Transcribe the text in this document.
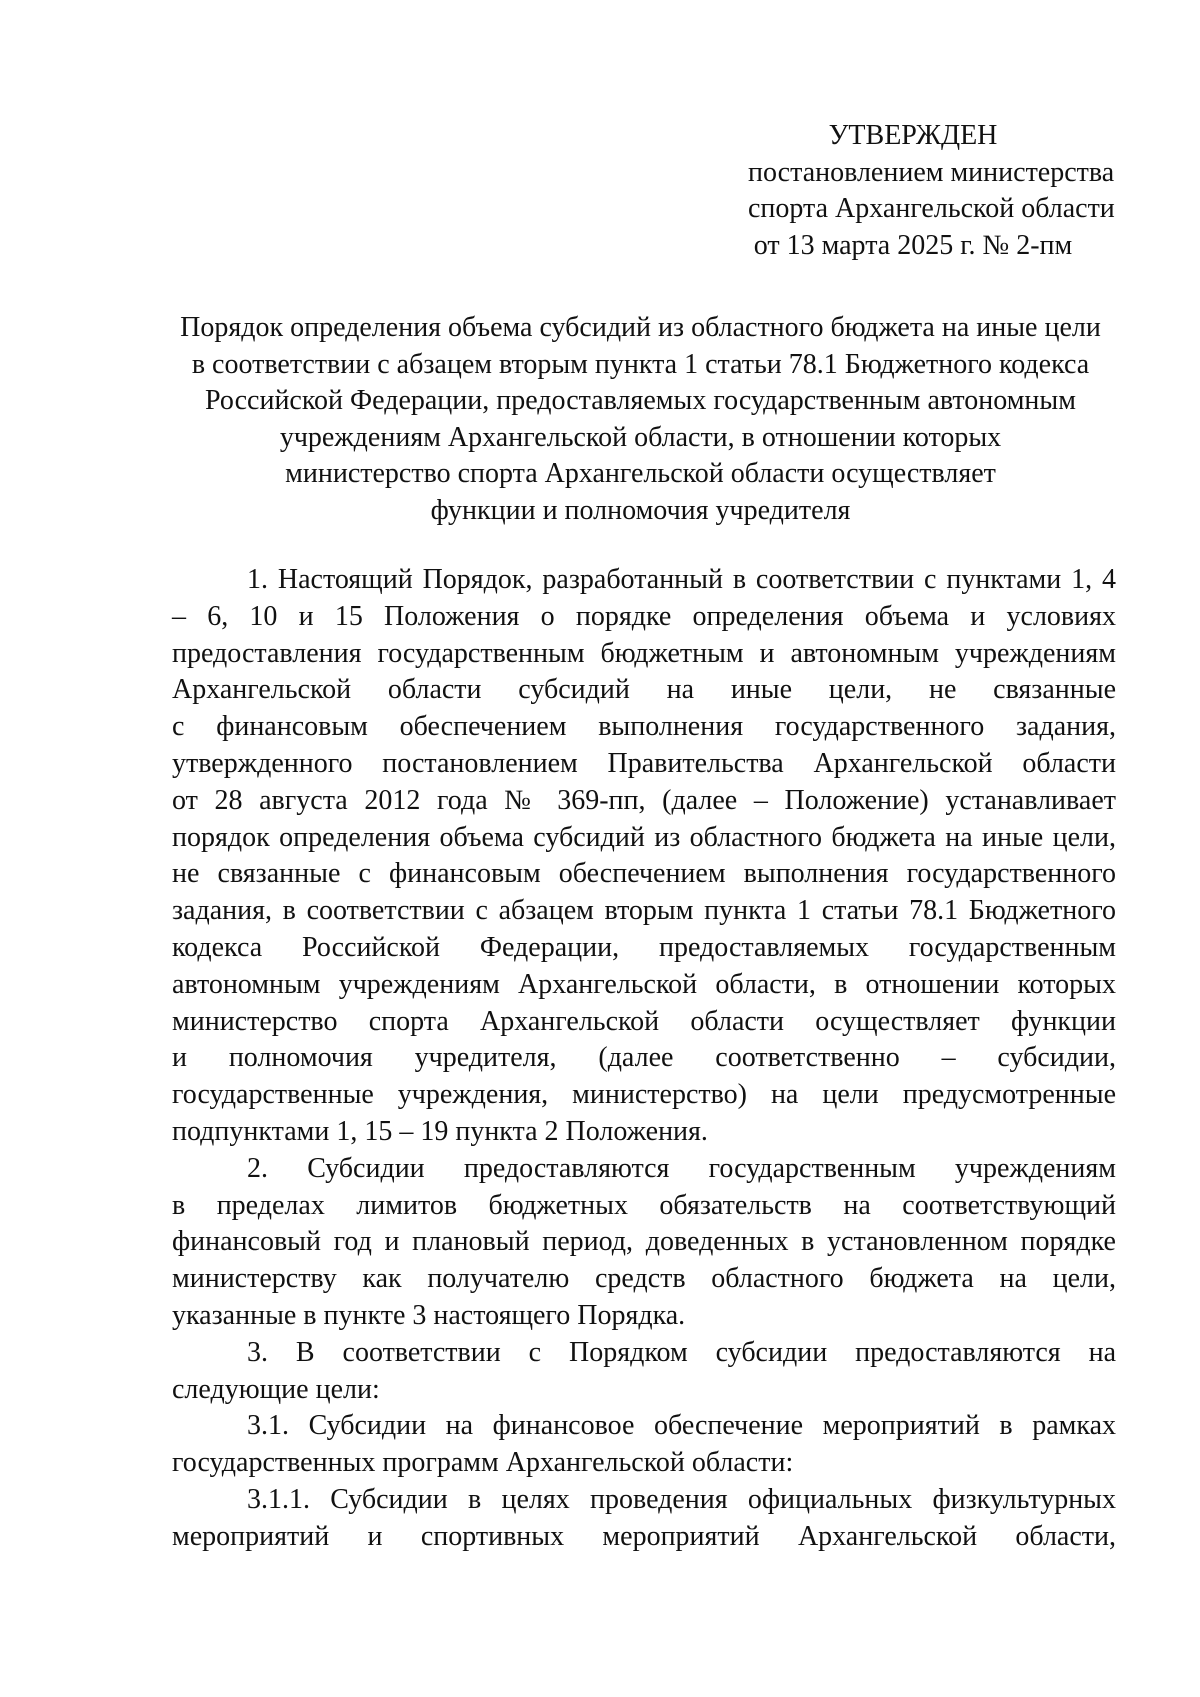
УТВЕРЖДЕН
постановлением министерства
спорта Архангельской области
от 13 марта 2025 г. № 2-пм
Порядок определения объема субсидий из областного бюджета на иные цели
в соответствии с абзацем вторым пункта 1 статьи 78.1 Бюджетного кодекса
Российской Федерации, предоставляемых государственным автономным
учреждениям Архангельской области, в отношении которых
министерство спорта Архангельской области осуществляет
функции и полномочия учредителя
1. Настоящий Порядок, разработанный в соответствии с пунктами 1, 4
– 6, 10 и 15 Положения о порядке определения объема и условиях
предоставления государственным бюджетным и автономным учреждениям
Архангельской области субсидий на иные цели, не связанные
с финансовым обеспечением выполнения государственного задания,
утвержденного постановлением Правительства Архангельской области
от 28 августа 2012 года № 369-пп, (далее – Положение) устанавливает
порядок определения объема субсидий из областного бюджета на иные цели,
не связанные с финансовым обеспечением выполнения государственного
задания, в соответствии с абзацем вторым пункта 1 статьи 78.1 Бюджетного
кодекса Российской Федерации, предоставляемых государственным
автономным учреждениям Архангельской области, в отношении которых
министерство спорта Архангельской области осуществляет функции
и полномочия учредителя, (далее соответственно – субсидии,
государственные учреждения, министерство) на цели предусмотренные
подпунктами 1, 15 – 19 пункта 2 Положения.
2. Субсидии предоставляются государственным учреждениям
в пределах лимитов бюджетных обязательств на соответствующий
финансовый год и плановый период, доведенных в установленном порядке
министерству как получателю средств областного бюджета на цели,
указанные в пункте 3 настоящего Порядка.
3. В соответствии с Порядком субсидии предоставляются на
следующие цели:
3.1. Субсидии на финансовое обеспечение мероприятий в рамках
государственных программ Архангельской области:
3.1.1. Субсидии в целях проведения официальных физкультурных
мероприятий и спортивных мероприятий Архангельской области,
